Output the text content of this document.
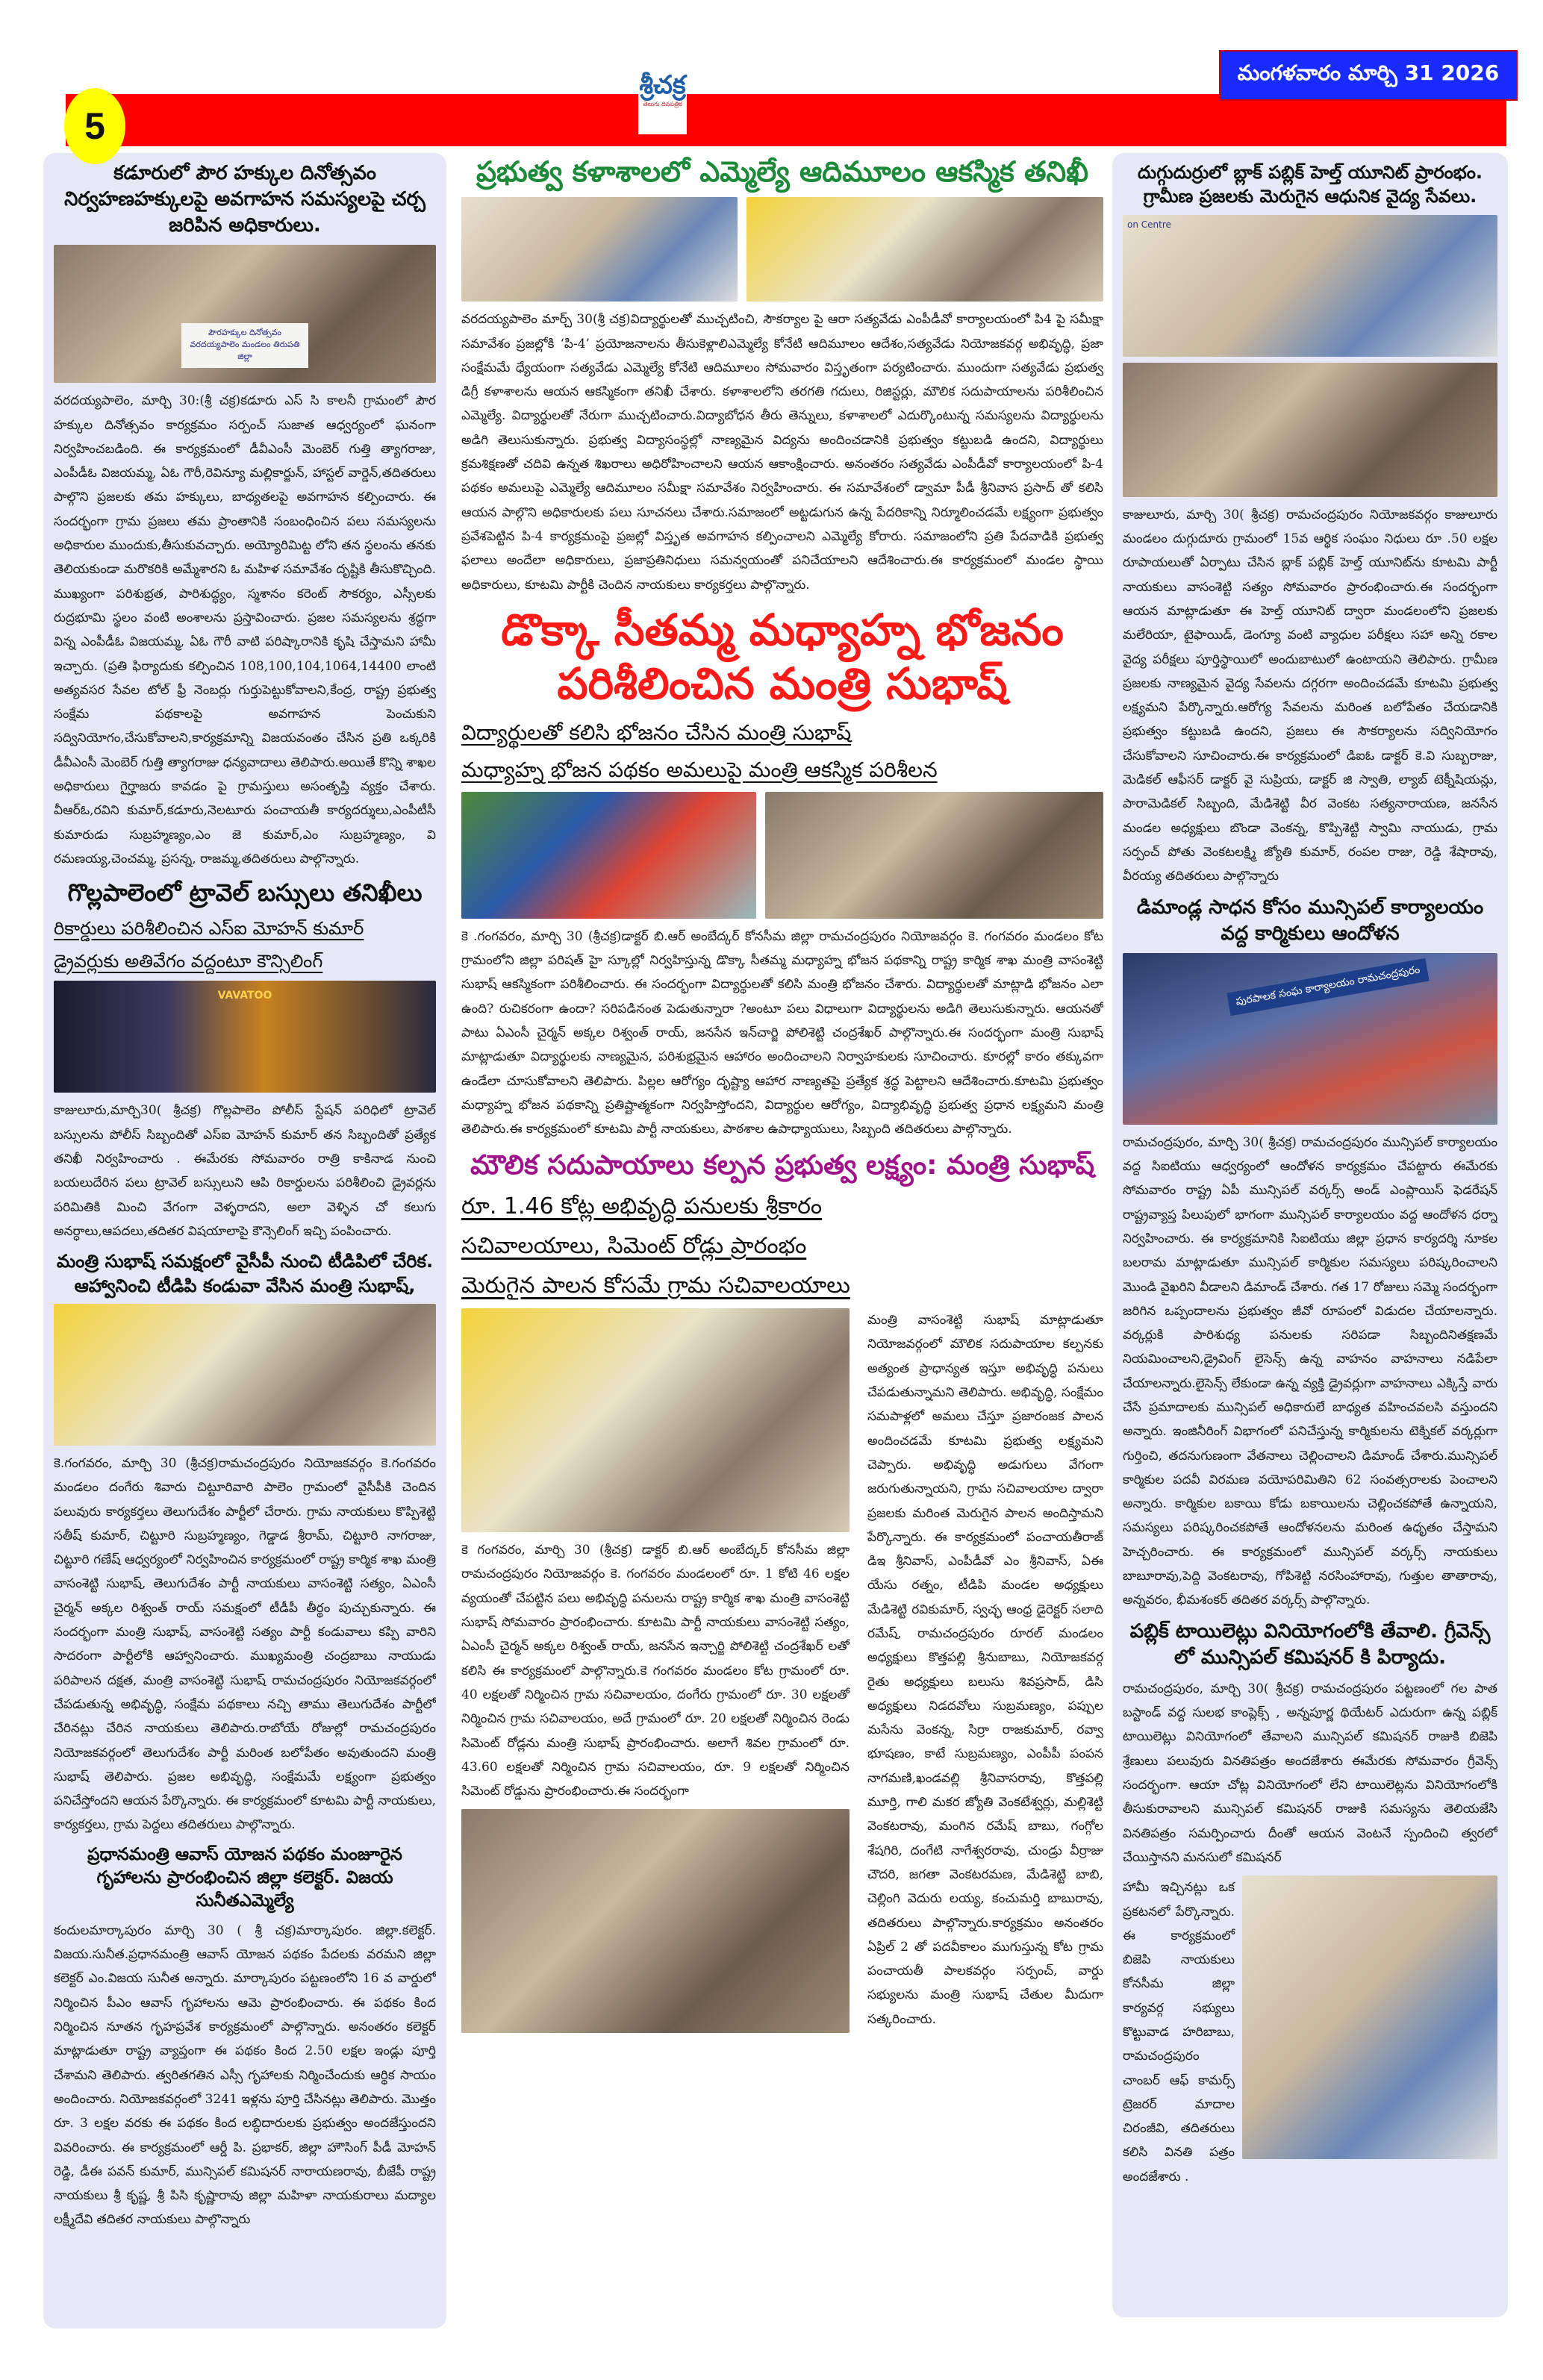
5
శ్రీచక్ర
తెలుగు దినపత్రిక
మంగళవారం మార్చి 31 2026
కడూరులో పౌర హక్కుల దినోత్సవం నిర్వహణహక్కులపై అవగాహన సమస్యలపై చర్చ జరిపిన అధికారులు.
పౌరహక్కుల దినోత్సవం వరదయ్యపాలెం మండలం తిరుపతి జిల్లా
వరదయ్యపాలెం, మార్చి 30:(శ్రీ చక్ర)కడూరు ఎస్ సి కాలనీ గ్రామంలో పౌర హక్కుల దినోత్సవం కార్యక్రమం సర్పంచ్ సుజాత ఆధ్వర్యంలో ఘనంగా నిర్వహించబడింది. ఈ కార్యక్రమంలో డీవీఎంసీ మెంబెర్ గుత్తి త్యాగరాజు, ఎంపీడీఓ విజయమ్మ, ఏఓ గౌరీ,రెవిన్యూ మల్లికార్జున్, హాస్టల్ వార్డెన్,తదితరులు పాల్గొని ప్రజలకు తమ హక్కులు, బాధ్యతలపై అవగాహన కల్పించారు. ఈ సందర్భంగా గ్రామ ప్రజలు తమ ప్రాంతానికి సంబంధించిన పలు సమస్యలను అధికారుల ముందుకు,తీసుకువచ్చారు. అయ్యోరిమిట్ట లోని తన స్థలంను తనకు తెలియకుండా మరొకరికి అమ్మేశారని ఓ మహిళ సమావేశం దృష్టికి తీసుకొచ్చింది. ముఖ్యంగా పరిశుభ్రత, పారిశుద్ధ్యం, స్మశానం కరెంట్ సౌకర్యం, ఎస్సీలకు రుద్రభూమి స్థలం వంటి అంశాలను ప్రస్తావించారు. ప్రజల సమస్యలను శ్రద్ధగా విన్న ఎంపీడీఓ విజయమ్మ, ఏఓ గౌరీ వాటి పరిష్కారానికి కృషి చేస్తామని హామీ ఇచ్చారు. (ప్రతి ఫిర్యాదుకు కల్పించిన 108,100,104,1064,14400 లాంటి అత్యవసర సేవల టోల్ ఫ్రీ నెంబర్లు గుర్తుపెట్టుకోవాలని,కేంద్ర, రాష్ట్ర ప్రభుత్వ సంక్షేమ పథకాలపై అవగాహన పెంచుకుని సద్వినియోగం,చేసుకోవాలని,కార్యక్రమాన్ని విజయవంతం చేసిన ప్రతి ఒక్కరికి డీవీఎంసీ మెంబెర్ గుత్తి త్యాగరాజు ధన్యవాదాలు తెలిపారు.అయితే కొన్ని శాఖల అధికారులు గైర్హాజరు కావడం పై గ్రామస్తులు అసంతృప్తి వ్యక్తం చేశారు. వీఆర్ఓ,రవిని కుమార్,కడూరు,నెలటూరు పంచాయతీ కార్యదర్శులు,ఎంపీటీసీ కుమారుడు సుబ్రహ్మణ్యం,ఎం జె కుమార్,ఎం సుబ్రహ్మణ్యం, వి రమణయ్య,చెంచమ్మ, ప్రసన్న, రాజమ్మ,తదితరులు పాల్గొన్నారు.
గొల్లపాలెంలో ట్రావెల్ బస్సులు తనిఖీలు
రికార్డులు పరిశీలించిన ఎస్ఐ మోహన్ కుమార్
డ్రైవర్లుకు అతివేగం వద్దంటూ కౌన్సిలింగ్
VAVATOO
కాజులూరు,మార్చి30( శ్రీచక్ర) గొల్లపాలెం పోలీస్ స్టేషన్ పరిధిలో ట్రావెల్ బస్సులను పోలీస్ సిబ్బందితో ఎస్ఐ మోహన్ కుమార్ తన సిబ్బందితో ప్రత్యేక తనిఖీ నిర్వహించారు . ఈమేరకు సోమవారం రాత్రి కాకినాడ నుంచి బయలుదేరిన పలు ట్రావెల్ బస్సులుని ఆపి రికార్డులను పరిశీలించి డ్రైవర్లను పరిమితికి మించి వేగంగా వెళ్ళరాదని, అలా వెళ్ళిన చో కలుగు అనర్ధాలు,ఆపదలు,తదితర విషయాలాపై కౌన్సెలింగ్ ఇచ్చి పంపించారు.
మంత్రి సుభాష్ సమక్షంలో వైసీపీ నుంచి టీడిపిలో చేరిక. ఆహ్వానించి టీడిపి కండువా వేసిన మంత్రి సుభాష్,
కె.గంగవరం, మార్చి 30 (శ్రీచక్ర)రామచంద్రపురం నియోజకవర్గం కె.గంగవరం మండలం దంగేరు శివారు చిట్టూరివారి పాలెం గ్రామంలో వైసీపీకి చెందిన పలువురు కార్యకర్తలు తెలుగుదేశం పార్టీలో చేరారు. గ్రామ నాయకులు కొప్పిశెట్టి సతీష్ కుమార్, చిట్టూరి సుబ్రహ్మణ్యం, గెడ్డాడ శ్రీరామ్, చిట్టూరి నాగరాజు, చిట్టూరి గణేష్ ఆధ్వర్యంలో నిర్వహించిన కార్యక్రమంలో రాష్ట్ర కార్మిక శాఖ మంత్రి వాసంశెట్టి సుభాష్, తెలుగుదేశం పార్టీ నాయకులు వాసంశెట్టి సత్యం, ఏఎంసీ చైర్మన్ అక్కల రిశ్వంత్ రాయ్ సమక్షంలో టీడీపీ తీర్థం పుచ్చుకున్నారు. ఈ సందర్భంగా మంత్రి సుభాష్, వాసంశెట్టి సత్యం పార్టీ కండువాలు కప్పి వారిని సాదరంగా పార్టీలోకి ఆహ్వానించారు. ముఖ్యమంత్రి చంద్రబాబు నాయుడు పరిపాలన దక్షత, మంత్రి వాసంశెట్టి సుభాష్ రామచంద్రపురం నియోజకవర్గంలో చేపడుతున్న అభివృద్ధి, సంక్షేమ పథకాలు నచ్చి తాము తెలుగుదేశం పార్టీలో చేరినట్లు చేరిన నాయకులు తెలిపారు.రాబోయే రోజుల్లో రామచంద్రపురం నియోజకవర్గంలో తెలుగుదేశం పార్టీ మరింత బలోపేతం అవుతుందని మంత్రి సుభాష్ తెలిపారు. ప్రజల అభివృద్ధి, సంక్షేమమే లక్ష్యంగా ప్రభుత్వం పనిచేస్తోందని ఆయన పేర్కొన్నారు. ఈ కార్యక్రమంలో కూటమి పార్టీ నాయకులు, కార్యకర్తలు, గ్రామ పెద్దలు తదితరులు పాల్గొన్నారు.
ప్రధానమంత్రి ఆవాస్ యోజన పథకం మంజూరైన గృహాలను ప్రారంభించిన జిల్లా కలెక్టర్. విజయ సునీతఎమ్మెల్యే
కందులమార్కాపురం మార్చి 30 ( శ్రీ చక్ర)మార్కాపురం. జిల్లా.కలెక్టర్. విజయ.సునీత.ప్రధానమంత్రి ఆవాస్ యోజన పథకం పేదలకు వరమని జిల్లా కలెక్టర్ ఎం.విజయ సునీత అన్నారు. మార్కాపురం పట్టణంలోని 16 వ వార్డులో నిర్మించిన పీఎం ఆవాస్ గృహాలను ఆమె ప్రారంభించారు. ఈ పథకం కింద నిర్మించిన నూతన గృహప్రవేశ కార్యక్రమంలో పాల్గొన్నారు. అనంతరం కలెక్టర్ మాట్లాడుతూ రాష్ట్ర వ్యాప్తంగా ఈ పథకం కింద 2.50 లక్షల ఇండ్లు పూర్తి చేశామని తెలిపారు. త్వరితగతిన ఎస్సీ గృహాలకు నిర్మించేందుకు ఆర్థిక సాయం అందించారు. నియోజకవర్గంలో 3241 ఇళ్లను పూర్తి చేసినట్లు తెలిపారు. మొత్తం రూ. 3 లక్షల వరకు ఈ పథకం కింద లబ్ధిదారులకు ప్రభుత్వం అందజేస్తుందని వివరించారు. ఈ కార్యక్రమంలో ఆర్డీ పి. ప్రభాకర్, జిల్లా హౌసింగ్ పీడీ మోహన్ రెడ్డి, డీఈ పవన్ కుమార్, మున్సిపల్ కమిషనర్ నారాయణరావు, బీజేపీ రాష్ట్ర నాయకులు శ్రీ కృష్ణ, శ్రీ పిసి కృష్ణారావు జిల్లా మహిళా నాయకురాలు మద్యాల లక్ష్మీదేవి తదితర నాయకులు పాల్గొన్నారు
ప్రభుత్వ కళాశాలలో ఎమ్మెల్యే ఆదిమూలం ఆకస్మిక తనిఖీ
వరదయ్యపాలెం మార్చ్ 30(శ్రీ చక్ర)విద్యార్థులతో ముచ్చటించి, సౌకర్యాల పై ఆరా సత్యవేడు ఎంపీడీవో కార్యాలయంలో పి4 పై సమీక్షా సమావేశం ప్రజల్లోకి ‘పి-4’ ప్రయోజనాలను తీసుకెళ్లాలిఎమ్మెల్యే కోనేటి ఆదిమూలం ఆదేశం,సత్యవేడు నియోజకవర్గ అభివృద్ధి, ప్రజా సంక్షేమమే ధ్యేయంగా సత్యవేడు ఎమ్మెల్యే కోనేటి ఆదిమూలం సోమవారం విస్తృతంగా పర్యటించారు. ముందుగా సత్యవేడు ప్రభుత్వ డిగ్రీ కళాశాలను ఆయన ఆకస్మికంగా తనిఖీ చేశారు. కళాశాలలోని తరగతి గదులు, రిజిస్టర్లు, మౌలిక సదుపాయాలను పరిశీలించిన ఎమ్మెల్యే. విద్యార్థులతో నేరుగా ముచ్చటించారు.విద్యాబోధన తీరు తెన్నులు, కళాశాలలో ఎదుర్కొంటున్న సమస్యలను విద్యార్థులను అడిగి తెలుసుకున్నారు. ప్రభుత్వ విద్యాసంస్థల్లో నాణ్యమైన విద్యను అందించడానికి ప్రభుత్వం కట్టుబడి ఉందని, విద్యార్థులు క్రమశిక్షణతో చదివి ఉన్నత శిఖరాలు అధిరోహించాలని ఆయన ఆకాంక్షించారు. అనంతరం సత్యవేడు ఎంపీడీవో కార్యాలయంలో పి-4 పథకం అమలుపై ఎమ్మెల్యే ఆదిమూలం సమీక్షా సమావేశం నిర్వహించారు. ఈ సమావేశంలో డ్వామా పీడీ శ్రీనివాస ప్రసాద్ తో కలిసి ఆయన పాల్గొని అధికారులకు పలు సూచనలు చేశారు.సమాజంలో అట్టడుగున ఉన్న పేదరికాన్ని నిర్మూలించడమే లక్ష్యంగా ప్రభుత్వం ప్రవేశపెట్టిన పి-4 కార్యక్రమంపై ప్రజల్లో విస్తృత అవగాహన కల్పించాలని ఎమ్మెల్యే కోరారు. సమాజంలోని ప్రతి పేదవాడికి ప్రభుత్వ ఫలాలు అందేలా అధికారులు, ప్రజాప్రతినిధులు సమన్వయంతో పనిచేయాలని ఆదేశించారు.ఈ కార్యక్రమంలో మండల స్థాయి అధికారులు, కూటమి పార్టీకి చెందిన నాయకులు కార్యకర్తలు పాల్గొన్నారు.
డొక్కా సీతమ్మ మధ్యాహ్న భోజనం పరిశీలించిన మంత్రి సుభాష్
విద్యార్థులతో కలిసి భోజనం చేసిన మంత్రి సుభాష్
మధ్యాహ్న భోజన పథకం అమలుపై మంత్రి ఆకస్మిక పరిశీలన
కె .గంగవరం, మార్చి 30 (శ్రీచక్ర)డాక్టర్ బి.ఆర్ అంబేద్కర్ కోనసీమ జిల్లా రామచంద్రపురం నియోజవర్గం కె. గంగవరం మండలం కోట గ్రామంలోని జిల్లా పరిషత్ హై స్కూల్లో నిర్వహిస్తున్న డొక్కా సీతమ్మ మధ్యాహ్న భోజన పథకాన్ని రాష్ట్ర కార్మిక శాఖ మంత్రి వాసంశెట్టి సుభాష్ ఆకస్మికంగా పరిశీలించారు. ఈ సందర్భంగా విద్యార్థులతో కలిసి మంత్రి భోజనం చేశారు. విద్యార్థులతో మాట్లాడి భోజనం ఎలా ఉంది? రుచికరంగా ఉందా? సరిపడినంత పెడుతున్నారా ?అంటూ పలు విధాలుగా విద్యార్థులను అడిగి తెలుసుకున్నారు. ఆయనతో పాటు ఏఎంసీ చైర్మన్ అక్కల రిశ్వంత్ రాయ్, జనసేన ఇన్‌చార్జి పోలిశెట్టి చంద్రశేఖర్ పాల్గొన్నారు.ఈ సందర్భంగా మంత్రి సుభాష్ మాట్లాడుతూ విద్యార్థులకు నాణ్యమైన, పరిశుభ్రమైన ఆహారం అందించాలని నిర్వాహకులకు సూచించారు. కూరల్లో కారం తక్కువగా ఉండేలా చూసుకోవాలని తెలిపారు. పిల్లల ఆరోగ్యం దృష్ట్యా ఆహార నాణ్యతపై ప్రత్యేక శ్రద్ధ పెట్టాలని ఆదేశించారు.కూటమి ప్రభుత్వం మధ్యాహ్న భోజన పథకాన్ని ప్రతిష్టాత్మకంగా నిర్వహిస్తోందని, విద్యార్థుల ఆరోగ్యం, విద్యాభివృద్ధి ప్రభుత్వ ప్రధాన లక్ష్యమని మంత్రి తెలిపారు.ఈ కార్యక్రమంలో కూటమి పార్టీ నాయకులు, పాఠశాల ఉపాధ్యాయులు, సిబ్బంది తదితరులు పాల్గొన్నారు.
మౌలిక సదుపాయాలు కల్పన ప్రభుత్వ లక్ష్యం: మంత్రి సుభాష్
రూ. 1.46 కోట్ల అభివృద్ధి పనులకు శ్రీకారం
సచివాలయాలు, సిమెంట్ రోడ్లు ప్రారంభం
మెరుగైన పాలన కోసమే గ్రామ సచివాలయాలు
కె గంగవరం, మార్చి 30 (శ్రీచక్ర) డాక్టర్ బి.ఆర్ అంబేద్కర్ కోనసీమ జిల్లా రామచంద్రపురం నియోజవర్గం కె. గంగవరం మండలంలో రూ. 1 కోటి 46 లక్షల వ్యయంతో చేపట్టిన పలు అభివృద్ధి పనులను రాష్ట్ర కార్మిక శాఖ మంత్రి వాసంశెట్టి సుభాష్ సోమవారం ప్రారంభించారు. కూటమి పార్టీ నాయకులు వాసంశెట్టి సత్యం, ఏఎంసీ చైర్మన్ అక్కల రిశ్వంత్ రాయ్, జనసేన ఇన్చార్జి పోలిశెట్టి చంద్రశేఖర్ లతో కలిసి ఈ కార్యక్రమంలో పాల్గొన్నారు.కె గంగవరం మండలం కోట గ్రామంలో రూ. 40 లక్షలతో నిర్మించిన గ్రామ సచివాలయం, దంగేరు గ్రామంలో రూ. 30 లక్షలతో నిర్మించిన గ్రామ సచివాలయం, అదే గ్రామంలో రూ. 20 లక్షలతో నిర్మించిన రెండు సిమెంట్ రోడ్లను మంత్రి సుభాష్ ప్రారంభించారు. అలాగే శివల గ్రామంలో రూ. 43.60 లక్షలతో నిర్మించిన గ్రామ సచివాలయం, రూ. 9 లక్షలతో నిర్మించిన సిమెంట్ రోడ్డును ప్రారంభించారు.ఈ సందర్భంగా
మంత్రి వాసంశెట్టి సుభాష్ మాట్లాడుతూ నియోజవర్గంలో మౌలిక సదుపాయాల కల్పనకు అత్యంత ప్రాధాన్యత ఇస్తూ అభివృద్ధి పనులు చేపడుతున్నామని తెలిపారు. అభివృద్ధి, సంక్షేమం సమపాళ్లలో అమలు చేస్తూ ప్రజారంజక పాలన అందించడమే కూటమి ప్రభుత్వ లక్ష్యమని చెప్పారు. అభివృద్ధి అడుగులు వేగంగా జరుగుతున్నాయని, గ్రామ సచివాలయాల ద్వారా ప్రజలకు మరింత మెరుగైన పాలన అందిస్తామని పేర్కొన్నారు. ఈ కార్యక్రమంలో పంచాయతీరాజ్ డిఇ శ్రీనివాస్, ఎంపీడీవో ఎం శ్రీనివాస్, ఏఈ యేసు రత్నం, టీడిపి మండల అధ్యక్షులు మేడిశెట్టి రవికుమార్, స్వచ్ఛ ఆంధ్ర డైరెక్టర్ సలాది రమేష్, రామచంద్రపురం రూరల్ మండలం అధ్యక్షులు కొత్తపల్లి శ్రీనుబాబు, నియోజకవర్గ రైతు అధ్యక్షులు బలుసు శివప్రసాద్, డిసి అధ్యక్షులు నిడదవోలు సుబ్రమణ్యం, పప్పుల మసేను వెంకన్న, సిర్రా రాజకుమార్, రవ్వా భూషణం, కాటే సుబ్రమణ్యం, ఎంపీపీ పంపన నాగమణి,ఖండవల్లి శ్రీనివాసరావు, కొత్తపల్లి మూర్తి, గాలి మకర జ్యోతి వెంకటేశ్వర్లు, మల్లిశెట్టి వెంకటరావు, మంగిన రమేష్ బాబు, గంగ్గోల శేషగిరి, దంగేటి నాగేశ్వరరావు, చుండ్రు వీర్రాజు చౌదరి, జగతా వెంకటరమణ, మేడిశెట్టి బాబి, చెల్లింగి వెదురు లయ్య, కంచుమర్తి బాబురావు, తదితరులు పాల్గొన్నారు.కార్యక్రమం అనంతరం ఏప్రిల్ 2 తో పదవీకాలం ముగుస్తున్న కోట గ్రామ పంచాయతీ పాలకవర్గం సర్పంచ్, వార్డు సభ్యులను మంత్రి సుభాష్ చేతుల మీదుగా సత్కరించారు.
దుగ్గుదుర్రులో బ్లాక్ పబ్లిక్ హెల్త్ యూనిట్ ప్రారంభం. గ్రామీణ ప్రజలకు మెరుగైన ఆధునిక వైద్య సేవలు.
on Centre
కాజులూరు, మార్చి 30( శ్రీచక్ర) రామచంద్రపురం నియోజకవర్గం కాజులూరు మండలం దుగ్గుదూరు గ్రామంలో 15వ ఆర్థిక సంఘం నిధులు రూ .50 లక్షల రూపాయలుతో ఏర్పాటు చేసిన బ్లాక్ పబ్లిక్ హెల్త్ యూనిట్‌ను కూటమి పార్టీ నాయకులు వాసంశెట్టి సత్యం సోమవారం ప్రారంభించారు.ఈ సందర్భంగా ఆయన మాట్లాడుతూ ఈ హెల్త్ యూనిట్ ద్వారా మండలంలోని ప్రజలకు మలేరియా, టైఫాయిడ్, డెంగ్యూ వంటి వ్యాధుల పరీక్షలు సహా అన్ని రకాల వైద్య పరీక్షలు పూర్తిస్థాయిలో అందుబాటులో ఉంటాయని తెలిపారు. గ్రామీణ ప్రజలకు నాణ్యమైన వైద్య సేవలను దగ్గరగా అందించడమే కూటమి ప్రభుత్వ లక్ష్యమని పేర్కొన్నారు.ఆరోగ్య సేవలను మరింత బలోపేతం చేయడానికి ప్రభుత్వం కట్టుబడి ఉందని, ప్రజలు ఈ సౌకర్యాలను సద్వినియోగం చేసుకోవాలని సూచించారు.ఈ కార్యక్రమంలో డిఐఓ డాక్టర్ కె.వి సుబ్బరాజు, మెడికల్ ఆఫీసర్ డాక్టర్ వై సుప్రియ, డాక్టర్ జి స్వాతి, ల్యాబ్ టెక్నీషియన్లు, పారామెడికల్ సిబ్బంది, మేడిశెట్టి వీర వెంకట సత్యనారాయణ, జనసేన మండల అధ్యక్షులు బొండా వెంకన్న, కొప్పిశెట్టి స్వామి నాయుడు, గ్రామ సర్పంచ్ పోతు వెంకటలక్ష్మి జ్యోతి కుమార్, రంపల రాజు, రెడ్డి శేషారావు, వీరయ్య తదితరులు పాల్గొన్నారు
డిమాండ్ల సాధన కోసం మున్సిపల్ కార్యాలయం వద్ద కార్మికులు ఆందోళన
పురపాలక సంఘ కార్యాలయం రామచంద్రపురం
రామచంద్రపురం, మార్చి 30( శ్రీచక్ర) రామచంద్రపురం మున్సిపల్ కార్యాలయం వద్ద సిఐటియు ఆధ్వర్యంలో ఆందోళన కార్యక్రమం చేపట్టారు ఈమేరకు సోమవారం రాష్ట్ర ఏపీ మున్సిపల్ వర్కర్స్ అండ్ ఎంప్లాయిస్ ఫెడరేషన్ రాష్ట్రవ్యాప్త పిలుపులో భాగంగా మున్సిపల్ కార్యాలయం వద్ద ఆందోళన ధర్నా నిర్వహించారు. ఈ కార్యక్రమానికి సిఐటియు జిల్లా ప్రధాన కార్యదర్శి నూకల బలరామ మాట్లాడుతూ మున్సిపల్ కార్మికుల సమస్యలు పరిష్కరించాలని మొండి వైఖరిని వీడాలని డిమాండ్ చేశారు. గత 17 రోజులు సమ్మె సందర్భంగా జరిగిన ఒప్పందాలను ప్రభుత్వం జీవో రూపంలో విడుదల చేయాలన్నారు. వర్కర్లుకి పారిశుధ్య పనులకు సరిపడా సిబ్బందినితక్షణమే నియమించాలని,డ్రైవింగ్ లైసెన్స్ ఉన్న వాహనం వాహనాలు నడిపేలా చేయాలన్నారు.లైసెన్స్ లేకుండా ఉన్న వ్యక్తి డ్రైవర్లుగా వాహనాలు ఎక్కిస్తే వారు చేసే ప్రమాదాలకు మున్సిపల్ అధికారులే బాధ్యత వహించవలసి వస్తుందని అన్నారు. ఇంజినీరింగ్ విభాగంలో పనిచేస్తున్న కార్మికులను టెక్నికల్ వర్కర్లుగా గుర్తించి, తదనుగుణంగా వేతనాలు చెల్లించాలని డిమాండ్ చేశారు.మున్సిపల్ కార్మికుల పదవీ విరమణ వయోపరిమితిని 62 సంవత్సరాలకు పెంచాలని అన్నారు. కార్మికుల బకాయి కోడు బకాయిలను చెల్లించకపోతే ఉన్నాయని, సమస్యలు పరిష్కరించకపోతే ఆందోళనలను మరింత ఉధృతం చేస్తామని హెచ్చరించారు. ఈ కార్యక్రమంలో మున్సిపల్ వర్కర్స్ నాయకులు బాబూరావు,పెద్ది వెంకటరావు, గోపిశెట్టి నరసింహారావు, గుత్తుల తాతారావు, అన్నవరం, భీమశంకర్ తదితర వర్కర్స్ పాల్గొన్నారు.
పబ్లిక్ టాయిలెట్లు వినియోగంలోకి తేవాలి. గ్రీవెన్స్ లో మున్సిపల్ కమిషనర్ కి పిర్యాదు.
రామచంద్రపురం, మార్చి 30( శ్రీచక్ర) రామచంద్రపురం పట్టణంలో గల పాత బస్టాండ్ వద్ద సులభ కాంప్లెక్స్ , అన్నపూర్ణ థియేటర్ ఎదురుగా ఉన్న పబ్లిక్ టాయిలెట్లు వినియోగంలో తేవాలని మున్సిపల్ కమిషనర్ రాజుకి బిజెపి శ్రేణులు పలువురు వినతిపత్రం అందజేశారు ఈమేరకు సోమవారం గ్రీవెన్స్ సందర్భంగా. ఆయా చోట్ల వినియోగంలో లేని టాయిలెట్లను వినియోగంలోకి తీసుకురావాలని మున్సిపల్ కమిషనర్ రాజుకి సమస్యను తెలియజేసి వినతిపత్రం సమర్పించారు దీంతో ఆయన వెంటనే స్పందించి త్వరలో చేయిస్తానని మనసులో కమిషనర్
హామీ ఇచ్చినట్లు ఒక ప్రకటనలో పేర్కొన్నారు. ఈ కార్యక్రమంలో బిజెపి నాయకులు కోనసీమ జిల్లా కార్యవర్గ సభ్యులు కొట్టువాడ హరిబాబు, రామచంద్రపురం చాంబర్ ఆఫ్ కామర్స్ ట్రెజరర్ మాదాల చిరంజీవి, తదితరులు కలిసి వినతి పత్రం అందజేశారు .
